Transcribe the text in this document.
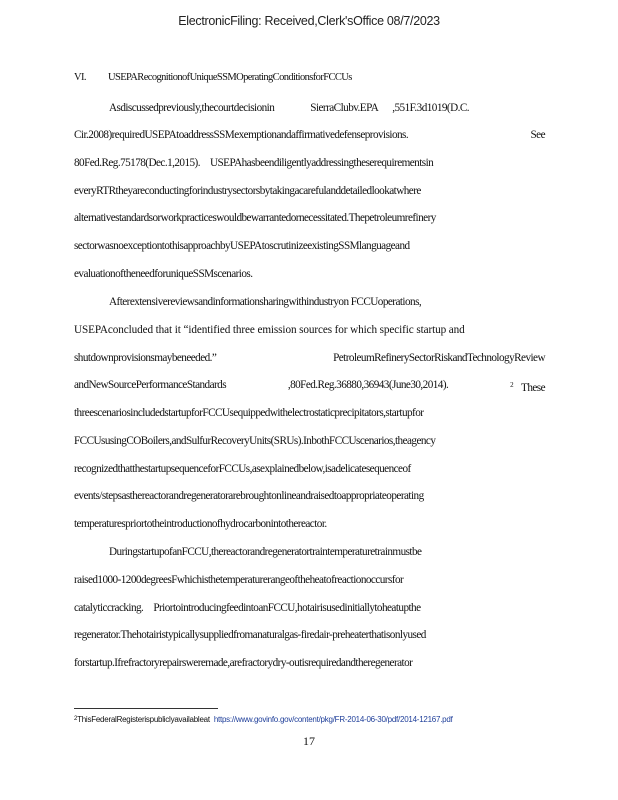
ElectronicFiling: Received,Clerk'sOffice 08/7/2023
VI. USEPARecognitionofUniqueSSMOperatingConditionsforFCCUs
Asdiscussedpreviously,thecourtdecisionin	SierraClubv.EPA ,551F.3d1019(D.C.
Cir.2008)requiredUSEPAtoaddressSSMexemptionandaffirmativedefenseprovisions.	See
80Fed.Reg.75178(Dec.1,2015). USEPAhasbeendiligentlyaddressingtheserequirementsin
everyRTRtheyareconductingforindustrysectorsbytakingacarefulanddetailedlookatwhere
alternativestandardsorworkpracticeswouldbewarrantedornecessitated.Thepetroleumrefinery
sectorwasnoexceptiontothisapproachbyUSEPAtoscrutinizeexistingSSMlanguageand
evaluationoftheneedforuniqueSSMscenarios.
Afterextensivereviewsandinformationsharingwithindustryon FCCUoperations,
USEPAconcluded that it “identified three emission sources for which specific startup and
shutdownprovisionsmaybeneeded.”	PetroleumRefinerySectorRiskandTechnologyReview
andNewSourcePerformanceStandards	,80Fed.Reg.36880,36943(June30,2014).	$^2$ These
threescenariosincludedstartupforFCCUsequippedwithelectrostaticprecipitators,startupfor
FCCUsusingCOBoilers,andSulfurRecoveryUnits(SRUs).InbothFCCUscenarios,theagency
recognizedthatthestartupsequenceforFCCUs,asexplainedbelow,isadelicatesequenceof
events/stepsasthereactorandregeneratorarebroughtonlineandraisedtoappropriateoperating
temperaturespriortotheintroductionofhydrocarbonintothereactor.
DuringstartupofanFCCU,thereactorandregeneratortraintemperaturetrainmustbe
raised1000-1200degreesFwhichisthetemperaturerangeoftheheatofreactionoccursfor
catalyticcracking. PriortointroducingfeedintoanFCCU,hotairisusedinitiallytoheatupthe
regenerator.Thehotairistypicallysuppliedfromanaturalgas-firedair-preheaterthatisonlyused
forstartup.Ifrefractoryrepairsweremade,arefractorydry-outisrequiredandtheregenerator
$^2$ThisFederalRegisterispubliclyavailableat https://www.govinfo.gov/content/pkg/FR-2014-06-30/pdf/2014-12167.pdf
17
